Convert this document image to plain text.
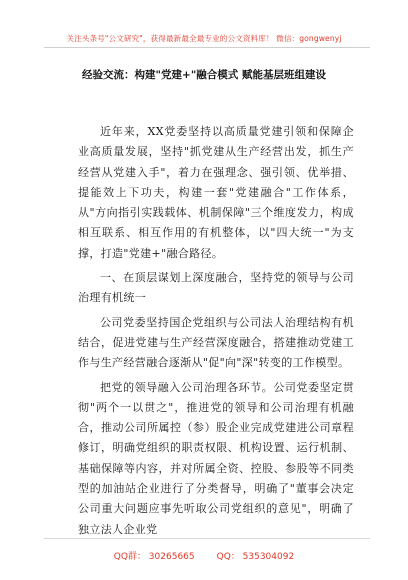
关注头条号"公文研究"，获得最新最全最专业的公文资料库！ 微信：gongwenyj
经验交流：构建"党建+"融合模式 赋能基层班组建设

近年来，XX党委坚持以高质量党建引领和保障企业高质量发展，坚持"抓党建从生产经营出发，抓生产经营从党建入手"，着力在强理念、强引领、优举措、提能效上下功夫，构建一套"党建融合"工作体系，从"方向指引实践载体、机制保障"三个维度发力，构成相互联系、相互作用的有机整体，以"四大统一"为支撑，打造"党建+"融合路径。

一、在顶层谋划上深度融合，坚持党的领导与公司治理有机统一

公司党委坚持国企党组织与公司法人治理结构有机结合，促进党建与生产经营深度融合，搭建推动党建工作与生产经营融合逐渐从"促"向"深"转变的工作模型。

把党的领导融入公司治理各环节。公司党委坚定贯彻"两个一以贯之"，推进党的领导和公司治理有机融合，推动公司所属控（参）股企业完成党建进公司章程修订，明确党组织的职责权限、机构设置、运行机制、基础保障等内容，并对所属全资、控股、参股等不同类型的加油站企业进行了分类督导，明确了"董事会决定公司重大问题应事先听取公司党组织的意见"，明确了独立法人企业党

QQ群： 30265665 QQ： 535304092
